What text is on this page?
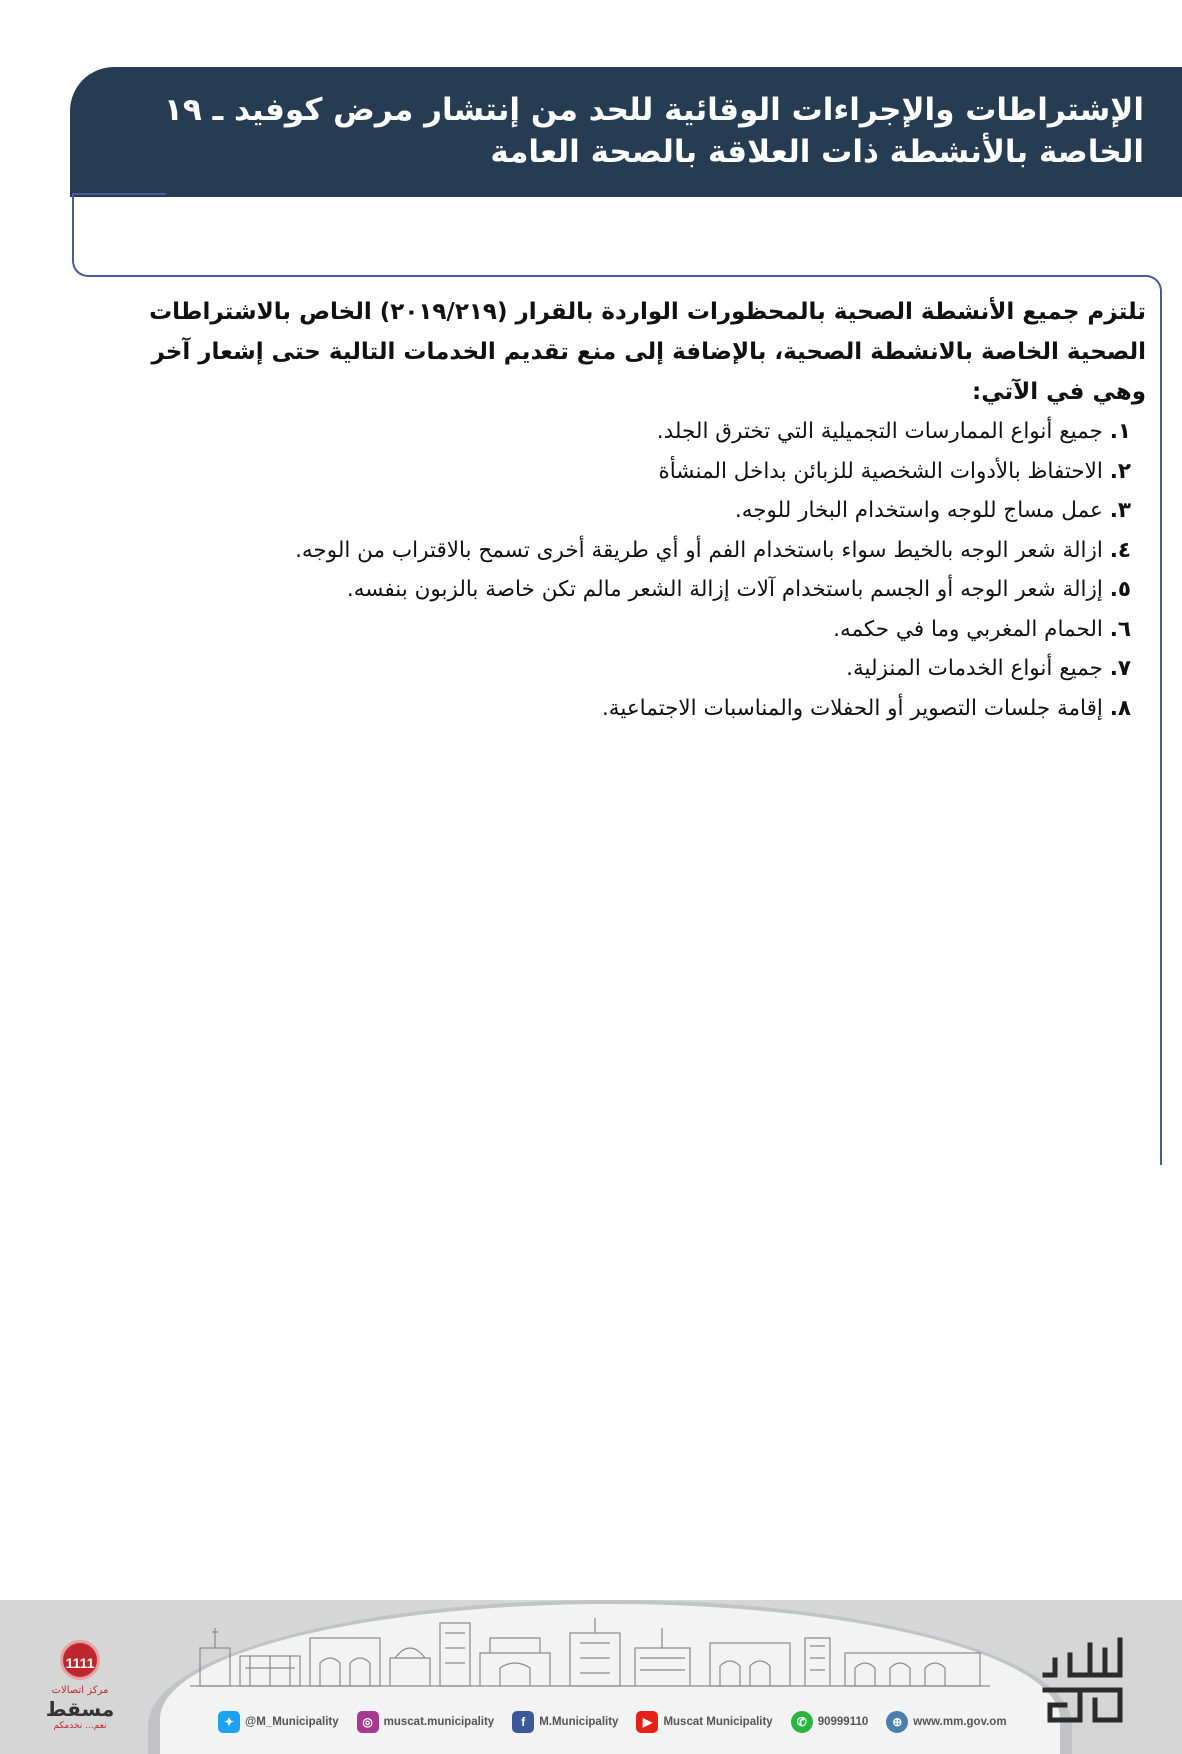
الإشتراطات والإجراءات الوقائية للحد من إنتشار مرض كوفيد ـ ١٩
الخاصة بالأنشطة ذات العلاقة بالصحة العامة
تلتزم جميع الأنشطة الصحية بالمحظورات الواردة بالقرار (٢٠١٩/٢١٩) الخاص بالاشتراطات
الصحية الخاصة بالانشطة الصحية، بالإضافة إلى منع تقديم الخدمات التالية حتى إشعار آخر
وهي في الآتي:
١. جميع أنواع الممارسات التجميلية التي تخترق الجلد.
٢. الاحتفاظ بالأدوات الشخصية للزبائن بداخل المنشأة
٣. عمل مساج للوجه واستخدام البخار للوجه.
٤. ازالة شعر الوجه بالخيط سواء باستخدام الفم أو أي طريقة أخرى تسمح بالاقتراب من الوجه.
٥. إزالة شعر الوجه أو الجسم باستخدام آلات إزالة الشعر مالم تكن خاصة بالزبون بنفسه.
٦. الحمام المغربي وما في حكمه.
٧. جميع أنواع الخدمات المنزلية.
٨. إقامة جلسات التصوير أو الحفلات والمناسبات الاجتماعية.
1111
مركز اتصالات
مسقط
نعم... نخدمكم	✦ @M_Municipality	◎ muscat.municipality	f	M.Municipality	▶ Muscat Municipality	✆ 90999110	⊕ www.mm.gov.om
